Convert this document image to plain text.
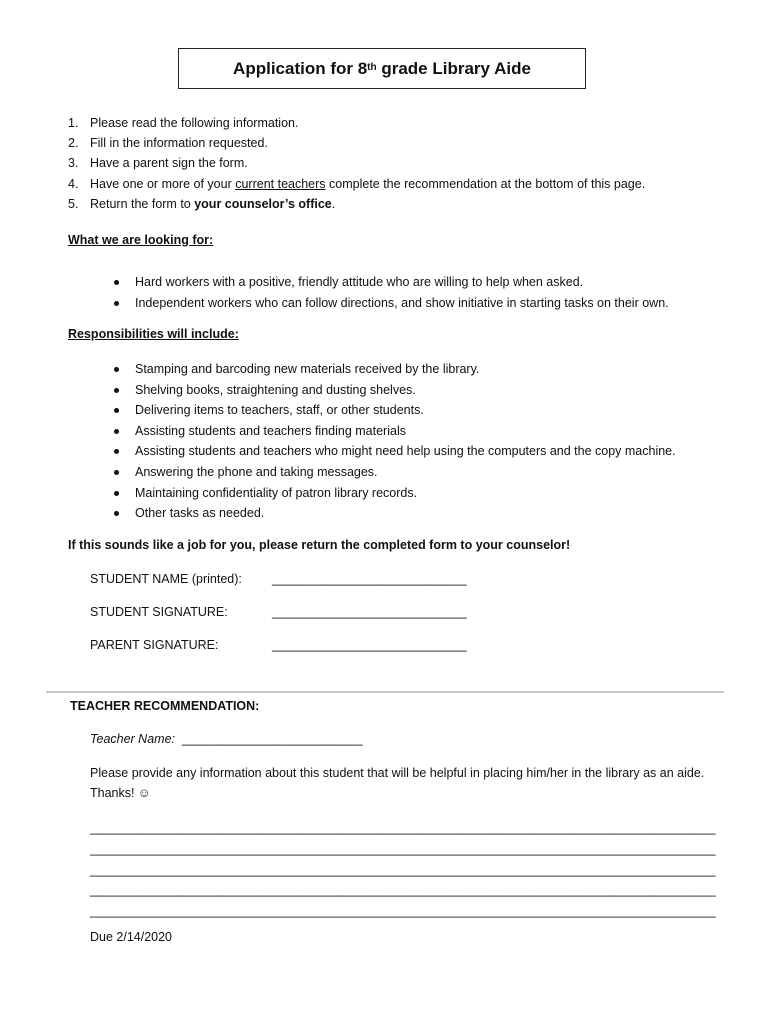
Application for 8th grade Library Aide
1. Please read the following information.
2. Fill in the information requested.
3. Have a parent sign the form.
4. Have one or more of your current teachers complete the recommendation at the bottom of this page.
5. Return the form to your counselor’s office.
What we are looking for:
Hard workers with a positive, friendly attitude who are willing to help when asked.
Independent workers who can follow directions, and show initiative in starting tasks on their own.
Responsibilities will include:
Stamping and barcoding new materials received by the library.
Shelving books, straightening and dusting shelves.
Delivering items to teachers, staff, or other students.
Assisting students and teachers finding materials
Assisting students and teachers who might need help using the computers and the copy machine.
Answering the phone and taking messages.
Maintaining confidentiality of patron library records.
Other tasks as needed.
If this sounds like a job for you, please return the completed form to your counselor!
STUDENT NAME (printed): ____________________________
STUDENT SIGNATURE:	____________________________
PARENT SIGNATURE:	____________________________
TEACHER RECOMMENDATION:
Teacher Name: __________________________
Please provide any information about this student that will be helpful in placing him/her in the library as an aide. Thanks! ☺
______________________________________________________________________________________________
______________________________________________________________________________________________
______________________________________________________________________________________________
______________________________________________________________________________________________
______________________________________________________________________________________________
Due 2/14/2020
